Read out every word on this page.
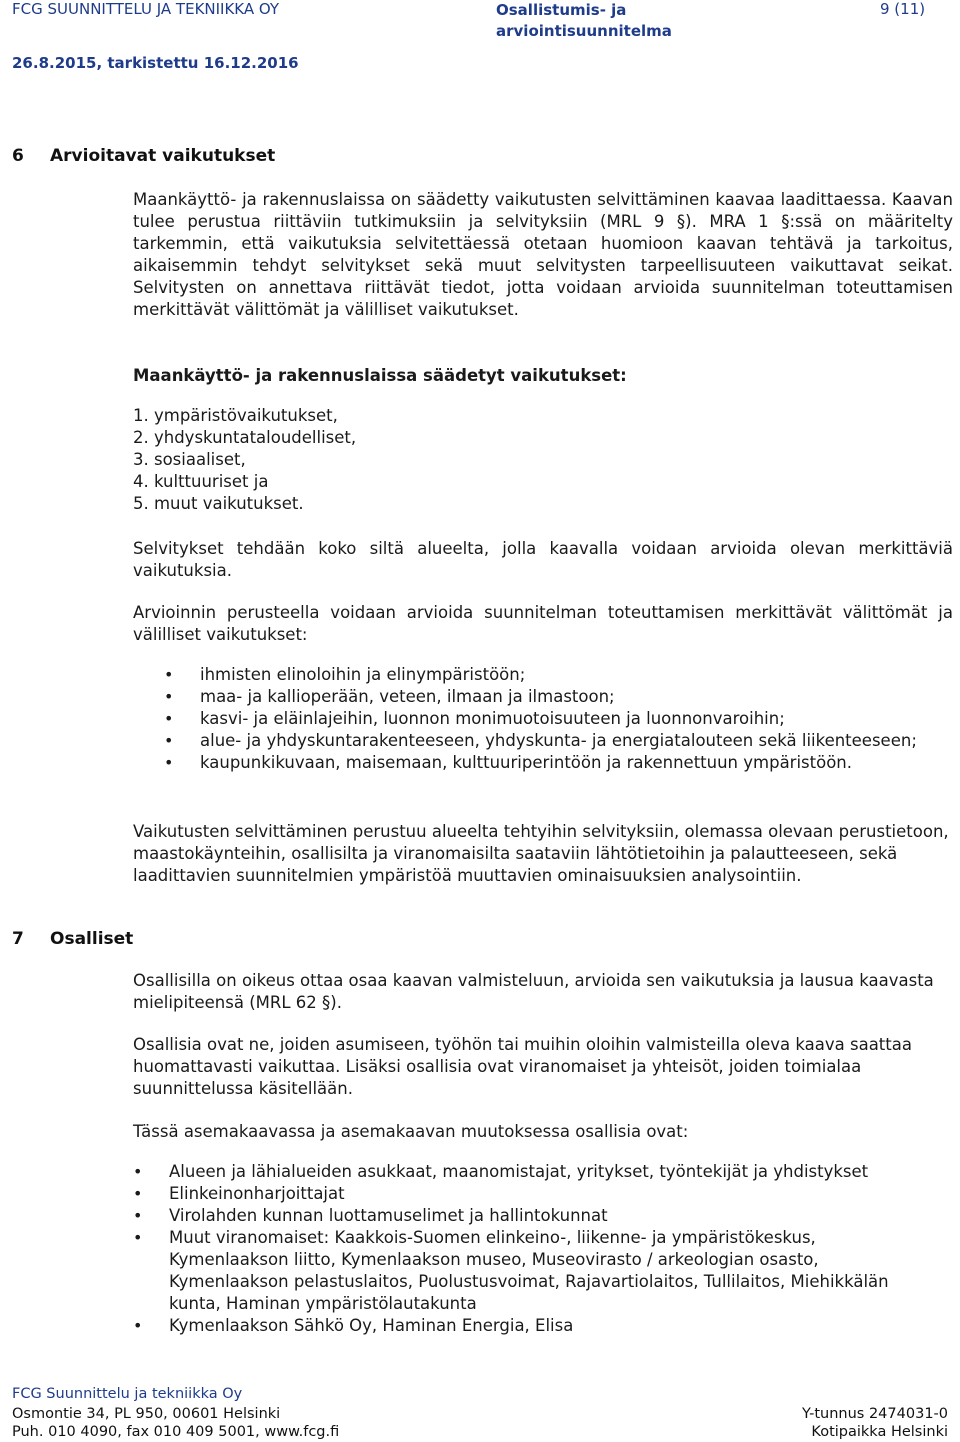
FCG SUUNNITTELU JA TEKNIIKKA OY	Osallistumis- ja
arviointisuunnitelma
9 (11)
26.8.2015, tarkistettu 16.12.2016
6 Arvioitavat vaikutukset

Maankäyttö- ja rakennuslaissa on säädetty vaikutusten selvittäminen kaavaa laadittaessa. Kaavan tulee perustua riittäviin tutkimuksiin ja selvityksiin (MRL 9 §). MRA 1 §:ssä on määritelty tarkemmin, että vaikutuksia selvitettäessä otetaan huomioon kaavan tehtävä ja tarkoitus, aikaisemmin tehdyt selvitykset sekä muut selvitysten tarpeellisuuteen vaikuttavat seikat. Selvitysten on annettava riittävät tiedot, jotta voidaan arvioida suunnitelman toteuttamisen merkittävät välittömät ja välilliset vaikutukset.

Maankäyttö- ja rakennuslaissa säädetyt vaikutukset:
1. ympäristövaikutukset,
2. yhdyskuntataloudelliset,
3. sosiaaliset,
4. kulttuuriset ja
5. muut vaikutukset.

Selvitykset tehdään koko siltä alueelta, jolla kaavalla voidaan arvioida olevan merkittäviä vaikutuksia.

Arvioinnin perusteella voidaan arvioida suunnitelman toteuttamisen merkittävät välittömät ja välilliset vaikutukset:

• ihmisten elinoloihin ja elinympäristöön;
• maa- ja kallioperään, veteen, ilmaan ja ilmastoon;
• kasvi- ja eläinlajeihin, luonnon monimuotoisuuteen ja luonnonvaroihin;
• alue- ja yhdyskuntarakenteeseen, yhdyskunta- ja energiatalouteen sekä liikenteeseen;
• kaupunkikuvaan, maisemaan, kulttuuriperintöön ja rakennettuun ympäristöön.

Vaikutusten selvittäminen perustuu alueelta tehtyihin selvityksiin, olemassa olevaan perustietoon, maastokäynteihin, osallisilta ja viranomaisilta saataviin lähtötietoihin ja palautteeseen, sekä laadittavien suunnitelmien ympäristöä muuttavien ominaisuuksien analysointiin.

7 Osalliset

Osallisilla on oikeus ottaa osaa kaavan valmisteluun, arvioida sen vaikutuksia ja lausua kaavasta mielipiteensä (MRL 62 §).

Osallisia ovat ne, joiden asumiseen, työhön tai muihin oloihin valmisteilla oleva kaava saattaa huomattavasti vaikuttaa. Lisäksi osallisia ovat viranomaiset ja yhteisöt, joiden toimialaa suunnittelussa käsitellään.

Tässä asemakaavassa ja asemakaavan muutoksessa osallisia ovat:

• Alueen ja lähialueiden asukkaat, maanomistajat, yritykset, työntekijät ja yhdistykset
• Elinkeinonharjoittajat
• Virolahden kunnan luottamuselimet ja hallintokunnat
• Muut viranomaiset: Kaakkois-Suomen elinkeino-, liikenne- ja ympäristökeskus, Kymenlaakson liitto, Kymenlaakson museo, Museovirasto / arkeologian osasto, Kymenlaakson pelastuslaitos, Puolustusvoimat, Rajavartiolaitos, Tullilaitos, Miehikkälän kunta, Haminan ympäristölautakunta
• Kymenlaakson Sähkö Oy, Haminan Energia, Elisa
FCG Suunnittelu ja tekniikka Oy
Osmontie 34, PL 950, 00601 Helsinki
Puh. 010 4090, fax 010 409 5001, www.fcg.fi
Y-tunnus 2474031-0
Kotipaikka Helsinki
